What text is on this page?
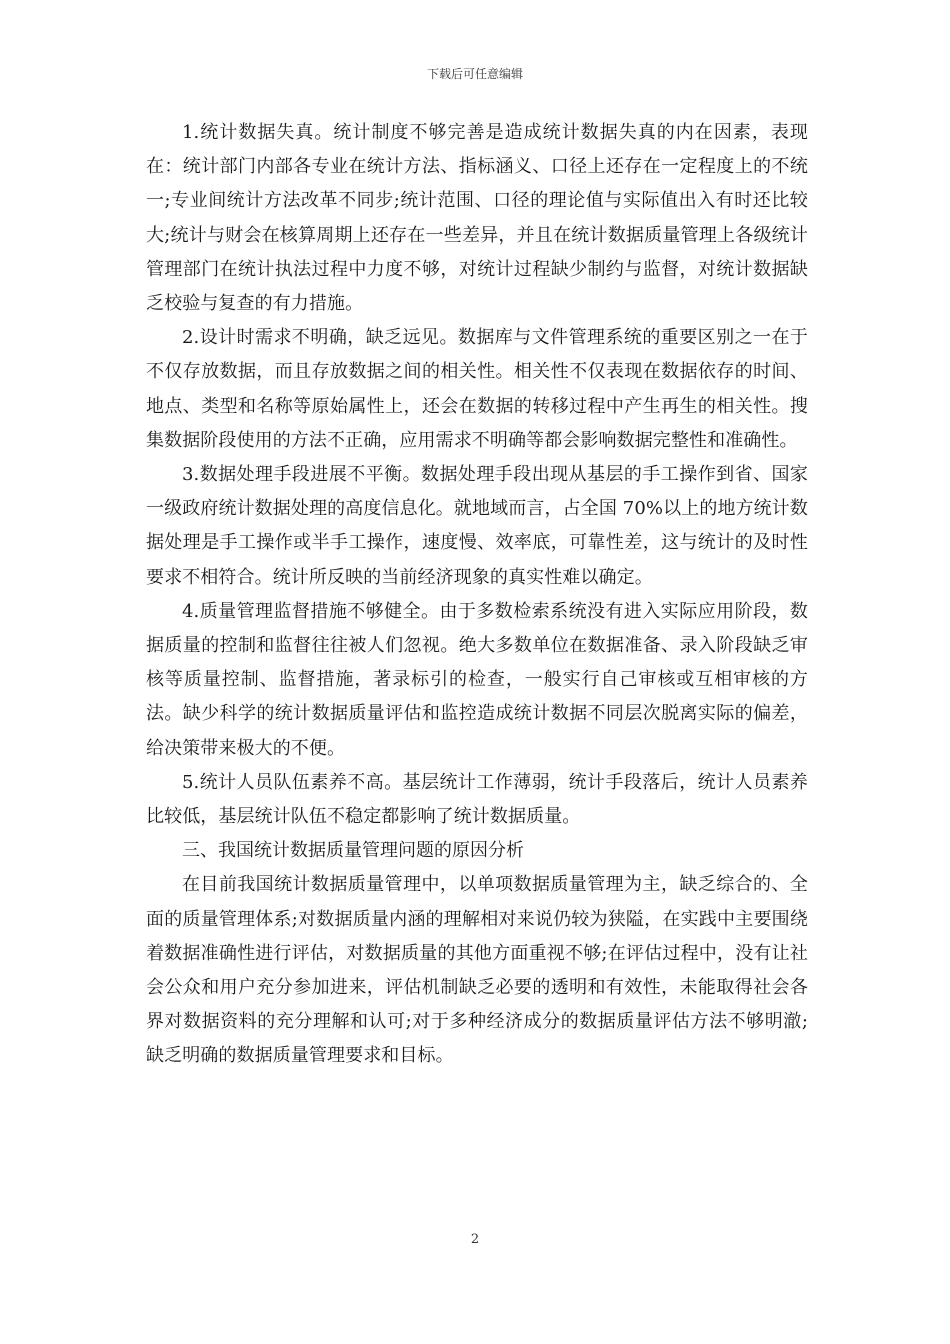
下载后可任意编辑

1.统计数据失真。统计制度不够完善是造成统计数据失真的内在因素，表现在：统计部门内部各专业在统计方法、指标涵义、口径上还存在一定程度上的不统一;专业间统计方法改革不同步;统计范围、口径的理论值与实际值出入有时还比较大;统计与财会在核算周期上还存在一些差异，并且在统计数据质量管理上各级统计管理部门在统计执法过程中力度不够，对统计过程缺少制约与监督，对统计数据缺乏校验与复查的有力措施。

2.设计时需求不明确，缺乏远见。数据库与文件管理系统的重要区别之一在于不仅存放数据，而且存放数据之间的相关性。相关性不仅表现在数据依存的时间、地点、类型和名称等原始属性上，还会在数据的转移过程中产生再生的相关性。搜集数据阶段使用的方法不正确，应用需求不明确等都会影响数据完整性和准确性。

3.数据处理手段进展不平衡。数据处理手段出现从基层的手工操作到省、国家一级政府统计数据处理的高度信息化。就地域而言，占全国 70%以上的地方统计数据处理是手工操作或半手工操作，速度慢、效率底，可靠性差，这与统计的及时性要求不相符合。统计所反映的当前经济现象的真实性难以确定。

4.质量管理监督措施不够健全。由于多数检索系统没有进入实际应用阶段，数据质量的控制和监督往往被人们忽视。绝大多数单位在数据准备、录入阶段缺乏审核等质量控制、监督措施，著录标引的检查，一般实行自己审核或互相审核的方法。缺少科学的统计数据质量评估和监控造成统计数据不同层次脱离实际的偏差，给决策带来极大的不便。

5.统计人员队伍素养不高。基层统计工作薄弱，统计手段落后，统计人员素养比较低，基层统计队伍不稳定都影响了统计数据质量。

三、我国统计数据质量管理问题的原因分析

在目前我国统计数据质量管理中，以单项数据质量管理为主，缺乏综合的、全面的质量管理体系;对数据质量内涵的理解相对来说仍较为狭隘，在实践中主要围绕着数据准确性进行评估，对数据质量的其他方面重视不够;在评估过程中，没有让社会公众和用户充分参加进来，评估机制缺乏必要的透明和有效性，未能取得社会各界对数据资料的充分理解和认可;对于多种经济成分的数据质量评估方法不够明澈;缺乏明确的数据质量管理要求和目标。

2
